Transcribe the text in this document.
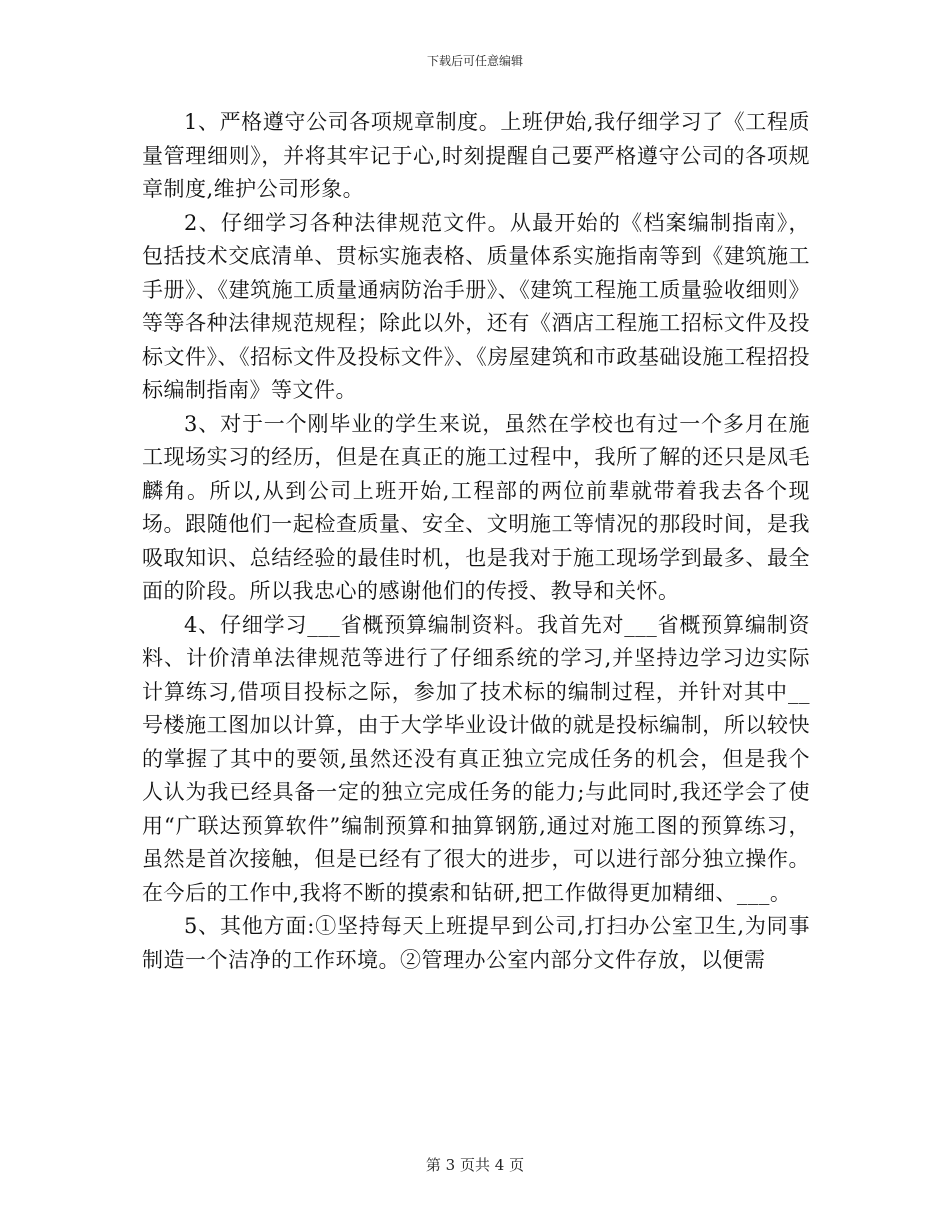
下载后可任意编辑

1、严格遵守公司各项规章制度。上班伊始,我仔细学习了《工程质量管理细则》，并将其牢记于心,时刻提醒自己要严格遵守公司的各项规章制度,维护公司形象。

2、仔细学习各种法律规范文件。从最开始的《档案编制指南》，包括技术交底清单、贯标实施表格、质量体系实施指南等到《建筑施工手册》、《建筑施工质量通病防治手册》、《建筑工程施工质量验收细则》等等各种法律规范规程；除此以外，还有《酒店工程施工招标文件及投标文件》、《招标文件及投标文件》、《房屋建筑和市政基础设施工程招投标编制指南》等文件。

3、对于一个刚毕业的学生来说，虽然在学校也有过一个多月在施工现场实习的经历，但是在真正的施工过程中，我所了解的还只是凤毛麟角。所以,从到公司上班开始,工程部的两位前辈就带着我去各个现场。跟随他们一起检查质量、安全、文明施工等情况的那段时间，是我吸取知识、总结经验的最佳时机，也是我对于施工现场学到最多、最全面的阶段。所以我忠心的感谢他们的传授、教导和关怀。

4、仔细学习___省概预算编制资料。我首先对___省概预算编制资料、计价清单法律规范等进行了仔细系统的学习,并坚持边学习边实际计算练习,借项目投标之际，参加了技术标的编制过程，并针对其中__号楼施工图加以计算，由于大学毕业设计做的就是投标编制，所以较快的掌握了其中的要领,虽然还没有真正独立完成任务的机会，但是我个人认为我已经具备一定的独立完成任务的能力;与此同时,我还学会了使用“广联达预算软件”编制预算和抽算钢筋,通过对施工图的预算练习，虽然是首次接触，但是已经有了很大的进步，可以进行部分独立操作。在今后的工作中,我将不断的摸索和钻研,把工作做得更加精细、___。

5、其他方面:①坚持每天上班提早到公司,打扫办公室卫生,为同事制造一个洁净的工作环境。②管理办公室内部分文件存放，以便需

第 3 页共 4 页
